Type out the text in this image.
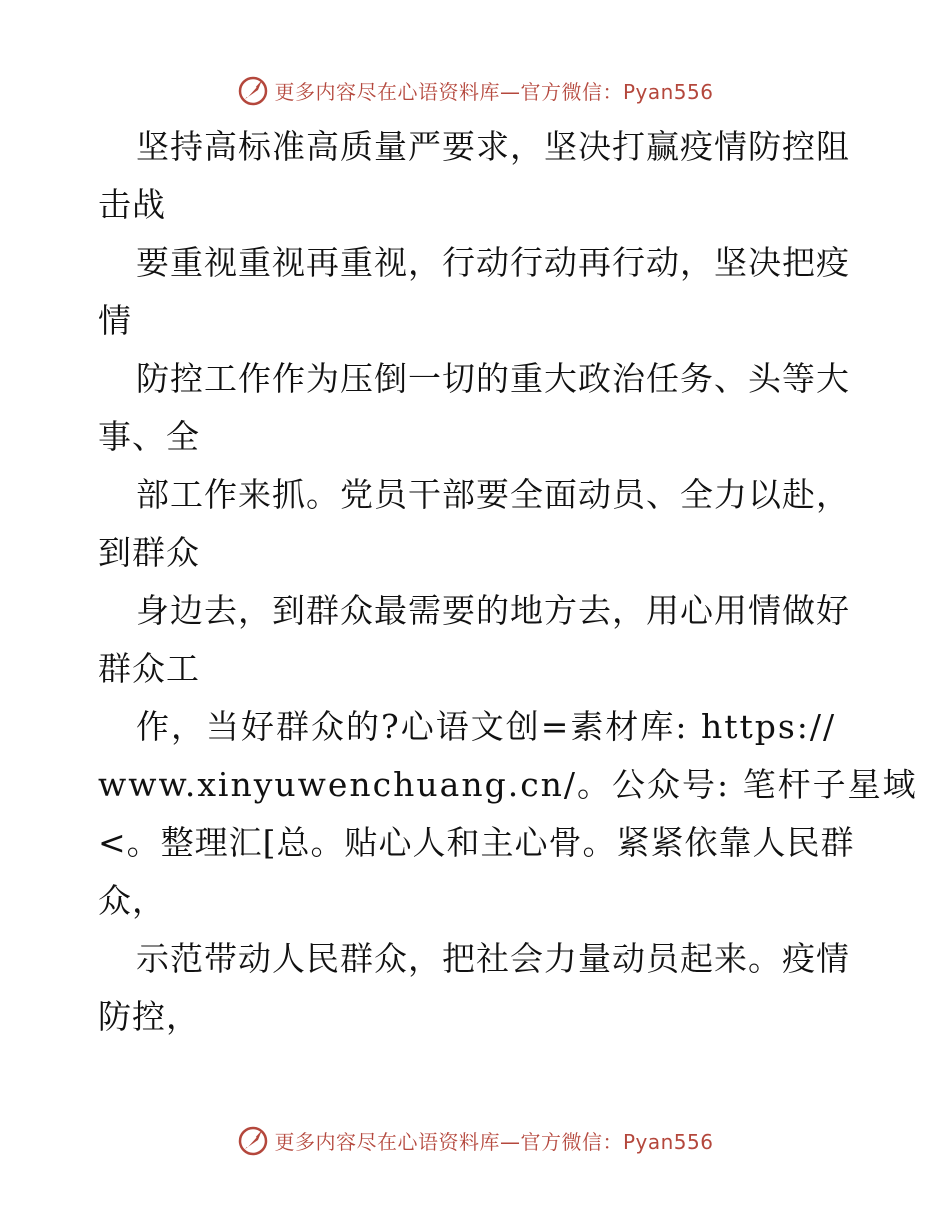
更多内容尽在心语资料库—官方微信：Pyan556
坚持高标准高质量严要求，坚决打赢疫情防控阻
击战
要重视重视再重视，行动行动再行动，坚决把疫
情
防控工作作为压倒一切的重大政治任务、头等大
事、全
部工作来抓。党员干部要全面动员、全力以赴，
到群众
身边去，到群众最需要的地方去，用心用情做好
群众工
作，当好群众的?心语文创=素材库: https://
www.xinyuwenchuang.cn/。公众号: 笔杆子星域
<。整理汇[总。贴心人和主心骨。紧紧依靠人民群
众，
示范带动人民群众，把社会力量动员起来。疫情
防控，
更多内容尽在心语资料库—官方微信：Pyan556
